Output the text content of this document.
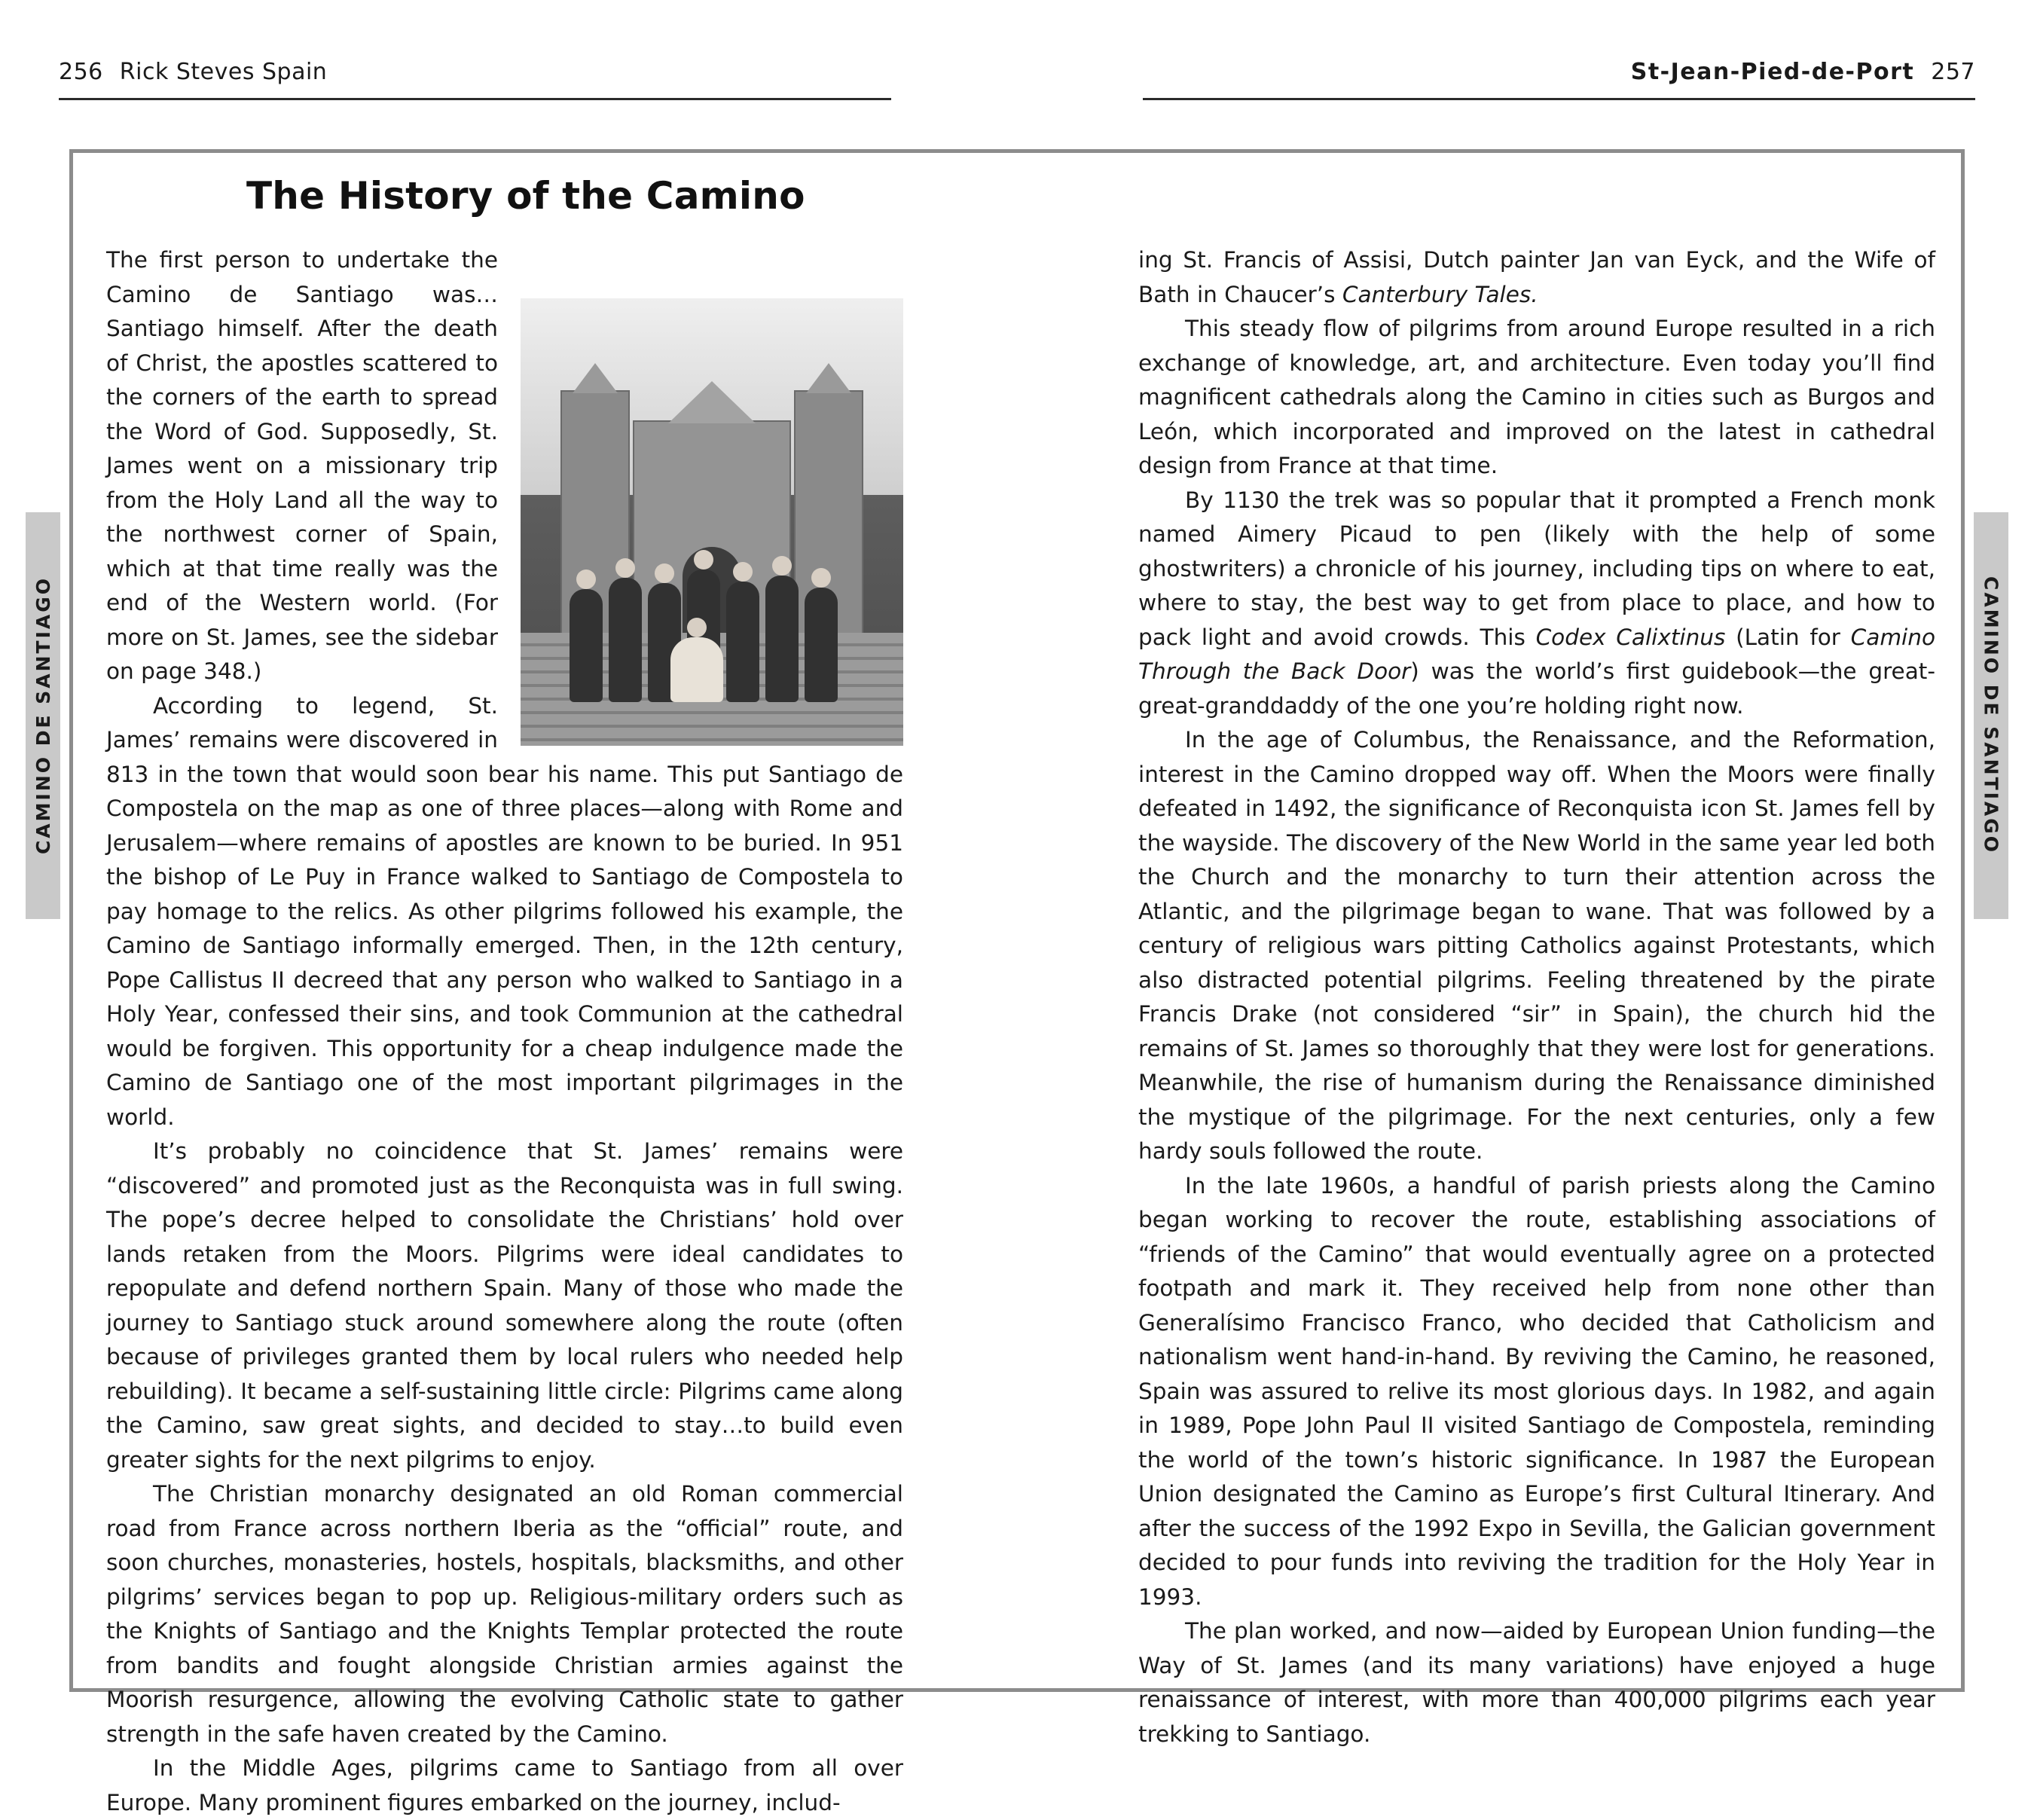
256 Rick Steves Spain	St-Jean-Pied-de-Port 257
CAMINO DE SANTIAGO	CAMINO DE SANTIAGO
The History of the Camino

The first person to undertake the Camino de Santiago was…Santiago himself. After the death of Christ, the apostles scattered to the corners of the earth to spread the Word of God. Supposedly, St. James went on a missionary trip from the Holy Land all the way to the northwest corner of Spain, which at that time really was the end of the Western world. (For more on St. James, see the sidebar on page 348.)

According to legend, St. James’ remains were discovered in 813 in the town that would soon bear his name. This put Santiago de Compostela on the map as one of three places—along with Rome and Jerusalem—where remains of apostles are known to be buried. In 951 the bishop of Le Puy in France walked to Santiago de Compostela to pay homage to the relics. As other pilgrims followed his example, the Camino de Santiago informally emerged. Then, in the 12th century, Pope Callistus II decreed that any person who walked to Santiago in a Holy Year, confessed their sins, and took Communion at the cathedral would be forgiven. This opportunity for a cheap indulgence made the Camino de Santiago one of the most important pilgrimages in the world.

It’s probably no coincidence that St. James’ remains were “discovered” and promoted just as the Reconquista was in full swing. The pope’s decree helped to consolidate the Christians’ hold over lands retaken from the Moors. Pilgrims were ideal candidates to repopulate and defend northern Spain. Many of those who made the journey to Santiago stuck around somewhere along the route (often because of privileges granted them by local rulers who needed help rebuilding). It became a self-sustaining little circle: Pilgrims came along the Camino, saw great sights, and decided to stay…to build even greater sights for the next pilgrims to enjoy.

The Christian monarchy designated an old Roman commercial road from France across northern Iberia as the “official” route, and soon churches, monasteries, hostels, hospitals, blacksmiths, and other pilgrims’ services began to pop up. Religious-military orders such as the Knights of Santiago and the Knights Templar protected the route from bandits and fought alongside Christian armies against the Moorish resurgence, allowing the evolving Catholic state to gather strength in the safe haven created by the Camino.

In the Middle Ages, pilgrims came to Santiago from all over Europe. Many prominent figures embarked on the journey, includ-

ing St. Francis of Assisi, Dutch painter Jan van Eyck, and the Wife of Bath in Chaucer’s Canterbury Tales.

This steady flow of pilgrims from around Europe resulted in a rich exchange of knowledge, art, and architecture. Even today you’ll find magnificent cathedrals along the Camino in cities such as Burgos and León, which incorporated and improved on the latest in cathedral design from France at that time.

By 1130 the trek was so popular that it prompted a French monk named Aimery Picaud to pen (likely with the help of some ghostwriters) a chronicle of his journey, including tips on where to eat, where to stay, the best way to get from place to place, and how to pack light and avoid crowds. This Codex Calixtinus (Latin for Camino Through the Back Door) was the world’s first guidebook—the great-great-granddaddy of the one you’re holding right now.

In the age of Columbus, the Renaissance, and the Reformation, interest in the Camino dropped way off. When the Moors were finally defeated in 1492, the significance of Reconquista icon St. James fell by the wayside. The discovery of the New World in the same year led both the Church and the monarchy to turn their attention across the Atlantic, and the pilgrimage began to wane. That was followed by a century of religious wars pitting Catholics against Protestants, which also distracted potential pilgrims. Feeling threatened by the pirate Francis Drake (not considered “sir” in Spain), the church hid the remains of St. James so thoroughly that they were lost for generations. Meanwhile, the rise of humanism during the Renaissance diminished the mystique of the pilgrimage. For the next centuries, only a few hardy souls followed the route.

In the late 1960s, a handful of parish priests along the Camino began working to recover the route, establishing associations of “friends of the Camino” that would eventually agree on a protected footpath and mark it. They received help from none other than Generalísimo Francisco Franco, who decided that Catholicism and nationalism went hand-in-hand. By reviving the Camino, he reasoned, Spain was assured to relive its most glorious days. In 1982, and again in 1989, Pope John Paul II visited Santiago de Compostela, reminding the world of the town’s historic significance. In 1987 the European Union designated the Camino as Europe’s first Cultural Itinerary. And after the success of the 1992 Expo in Sevilla, the Galician government decided to pour funds into reviving the tradition for the Holy Year in 1993.

The plan worked, and now—aided by European Union funding—the Way of St. James (and its many variations) have enjoyed a huge renaissance of interest, with more than 400,000 pilgrims each year trekking to Santiago.
